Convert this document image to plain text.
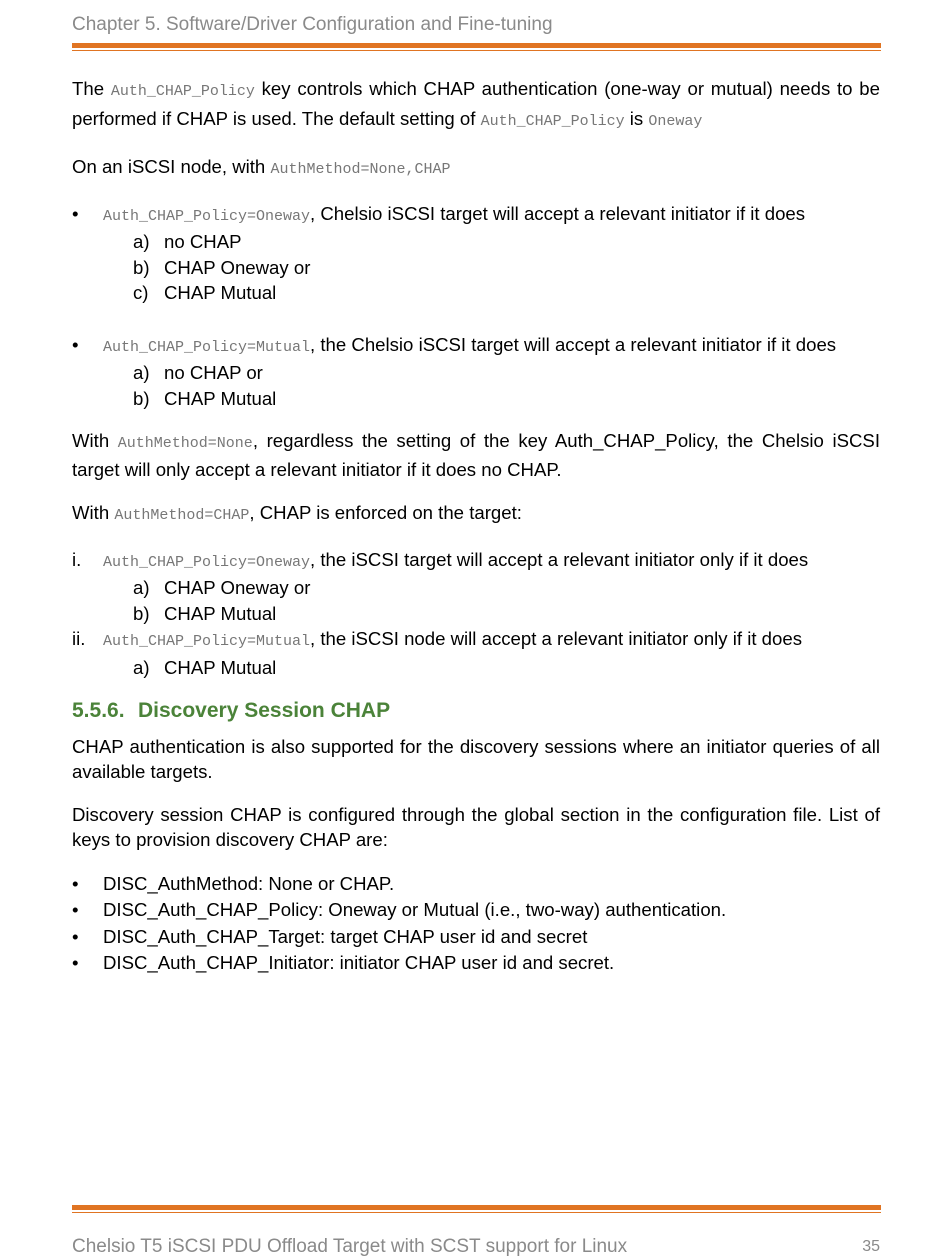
Chapter 5. Software/Driver Configuration and Fine-tuning

The Auth_CHAP_Policy key controls which CHAP authentication (one-way or mutual) needs to be performed if CHAP is used. The default setting of Auth_CHAP_Policy is Oneway

On an iSCSI node, with AuthMethod=None,CHAP

• Auth_CHAP_Policy=Oneway, Chelsio iSCSI target will accept a relevant initiator if it does
a) no CHAP
b) CHAP Oneway or
c) CHAP Mutual
• Auth_CHAP_Policy=Mutual, the Chelsio iSCSI target will accept a relevant initiator if it does
a) no CHAP or
b) CHAP Mutual

With AuthMethod=None, regardless the setting of the key Auth_CHAP_Policy, the Chelsio iSCSI target will only accept a relevant initiator if it does no CHAP.

With AuthMethod=CHAP, CHAP is enforced on the target:

i. Auth_CHAP_Policy=Oneway, the iSCSI target will accept a relevant initiator only if it does
a) CHAP Oneway or
b) CHAP Mutual
ii. Auth_CHAP_Policy=Mutual, the iSCSI node will accept a relevant initiator only if it does
a) CHAP Mutual
5.5.6. Discovery Session CHAP

CHAP authentication is also supported for the discovery sessions where an initiator queries of all available targets.

Discovery session CHAP is configured through the global section in the configuration file. List of keys to provision discovery CHAP are:

• DISC_AuthMethod: None or CHAP.
• DISC_Auth_CHAP_Policy: Oneway or Mutual (i.e., two-way) authentication.
• DISC_Auth_CHAP_Target: target CHAP user id and secret
• DISC_Auth_CHAP_Initiator: initiator CHAP user id and secret.
Chelsio T5 iSCSI PDU Offload Target with SCST support for Linux	35
